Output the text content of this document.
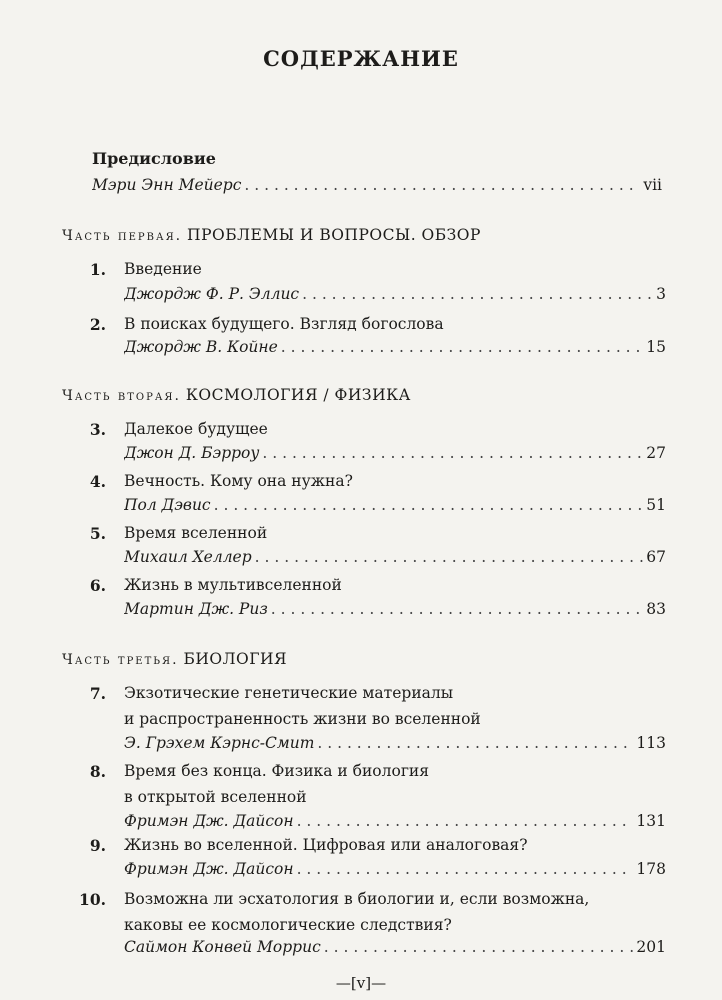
СОДЕРЖАНИЕ
Предисловие
Мэри Энн Мейерс . . .	vii
Часть первая. ПРОБЛЕМЫ И ВОПРОСЫ. ОБЗОР
1. Введение
Джордж Ф. Р. Эллис . . .	3
2. В поисках будущего. Взгляд богослова
Джордж В. Койне . . .	15
Часть вторая. КОСМОЛОГИЯ / ФИЗИКА
3. Далекое будущее
Джон Д. Бэрроу . . .	27
4. Вечность. Кому она нужна?
Пол Дэвис . . .	51
5. Время вселенной
Михаил Хеллер . . .	67
6. Жизнь в мультивселенной
Мартин Дж. Риз . . .	83
Часть третья. БИОЛОГИЯ
7. Экзотические генетические материалы
и распространенность жизни во вселенной
Э. Грэхем Кэрнс-Смит . . .	113
8. Время без конца. Физика и биология
в открытой вселенной
Фримэн Дж. Дайсон . . .	131
9. Жизнь во вселенной. Цифровая или аналоговая?
Фримэн Дж. Дайсон . . .	178
10. Возможна ли эсхатология в биологии и, если возможна,
каковы ее космологические следствия?
Саймон Конвей Моррис . . .	201
—[v]—
